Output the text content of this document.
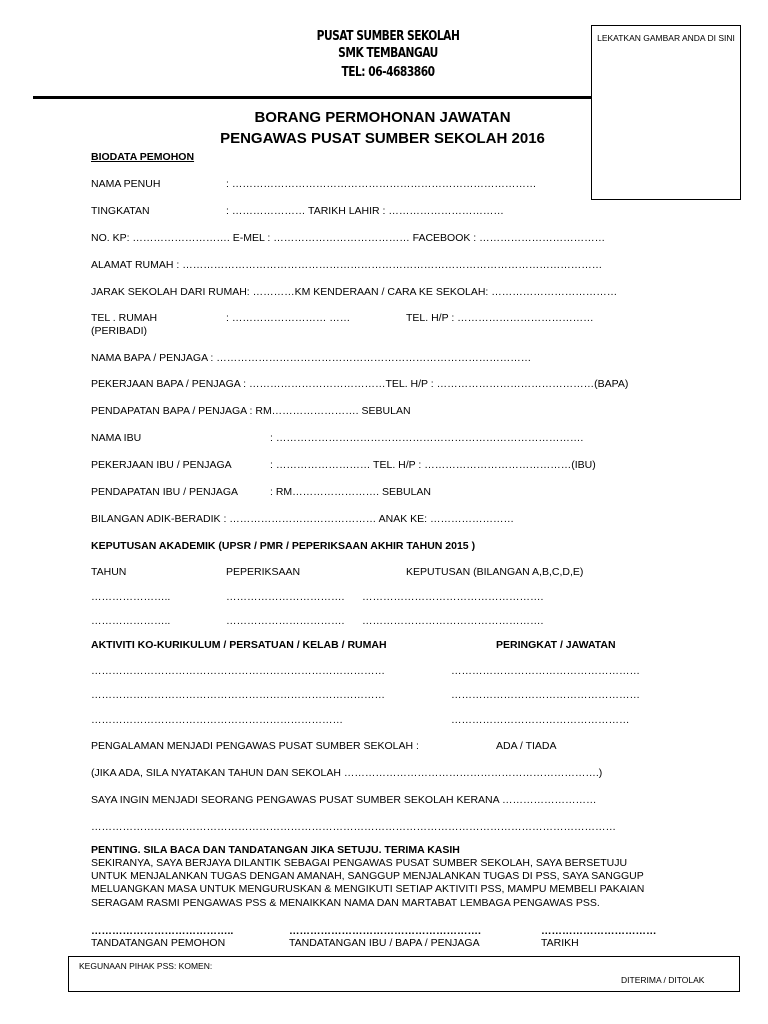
PUSAT SUMBER SEKOLAH
SMK TEMBANGAU
TEL: 06-4683860
LEKATKAN GAMBAR ANDA DI SINI
BORANG PERMOHONAN JAWATAN
PENGAWAS PUSAT SUMBER SEKOLAH 2016
BIODATA PEMOHON
NAMA PENUH	: ……………………………………………………………………………
TINGKATAN	: ………………… TARIKH LAHIR : ……………………………
NO. KP: ………………………. E-MEL : ………………………………… FACEBOOK : ………………………………
ALAMAT RUMAH : …………………………………………………………………………………………………………
JARAK SEKOLAH DARI RUMAH: …………KM KENDERAAN / CARA KE SEKOLAH: ………………………………
TEL . RUMAH
(PERIBADI)
: ……………………… ……	TEL. H/P : …………………………………
NAMA BAPA / PENJAGA : ………………………………………………………………………………
PEKERJAAN BAPA / PENJAGA : …………………………………TEL. H/P : ………………………………………(BAPA)
PENDAPATAN BAPA / PENJAGA : RM……………………. SEBULAN
NAMA IBU	: …………………………………………………………………………….
PEKERJAAN IBU / PENJAGA	: ……………………… TEL. H/P : ……………………………………(IBU)
PENDAPATAN IBU / PENJAGA	: RM……………………. SEBULAN
BILANGAN ADIK-BERADIK : …………………………………… ANAK KE: ……………………
KEPUTUSAN AKADEMIK (UPSR / PMR / PEPERIKSAAN AKHIR TAHUN 2015 )
TAHUN	PEPERIKSAAN	KEPUTUSAN (BILANGAN A,B,C,D,E)
…………………..	……………………………. …………………………………………….
…………………..	……………………………. …………………………………………….
AKTIVITI KO-KURIKULUM / PERSATUAN / KELAB / RUMAH	PERINGKAT / JAWATAN
…………………………………………………………………………	………………………………………………
…………………………………………………………………………	………………………………………………
………………………………………………………………	……………………………………………
PENGALAMAN MENJADI PENGAWAS PUSAT SUMBER SEKOLAH :	ADA / TIADA
(JIKA ADA, SILA NYATAKAN TAHUN DAN SEKOLAH ……………………………………………………………….)
SAYA INGIN MENJADI SEORANG PENGAWAS PUSAT SUMBER SEKOLAH KERANA ………………………
……………………………………………………………………………………………………………………………………
PENTING. SILA BACA DAN TANDATANGAN JIKA SETUJU. TERIMA KASIH
SEKIRANYA, SAYA BERJAYA DILANTIK SEBAGAI PENGAWAS PUSAT SUMBER SEKOLAH, SAYA BERSETUJU
UNTUK MENJALANKAN TUGAS DENGAN AMANAH, SANGGUP MENJALANKAN TUGAS DI PSS, SAYA SANGGUP
MELUANGKAN MASA UNTUK MENGURUSKAN & MENGIKUTI SETIAP AKTIVITI PSS, MAMPU MEMBELI PAKAIAN
SERAGAM RASMI PENGAWAS PSS & MENAIKKAN NAMA DAN MARTABAT LEMBAGA PENGAWAS PSS.
…………………………………..	……………………………………………….	……………………………
TANDATANGAN PEMOHON	TANDATANGAN IBU / BAPA / PENJAGA	TARIKH
KEGUNAAN PIHAK PSS: KOMEN:
DITERIMA / DITOLAK
